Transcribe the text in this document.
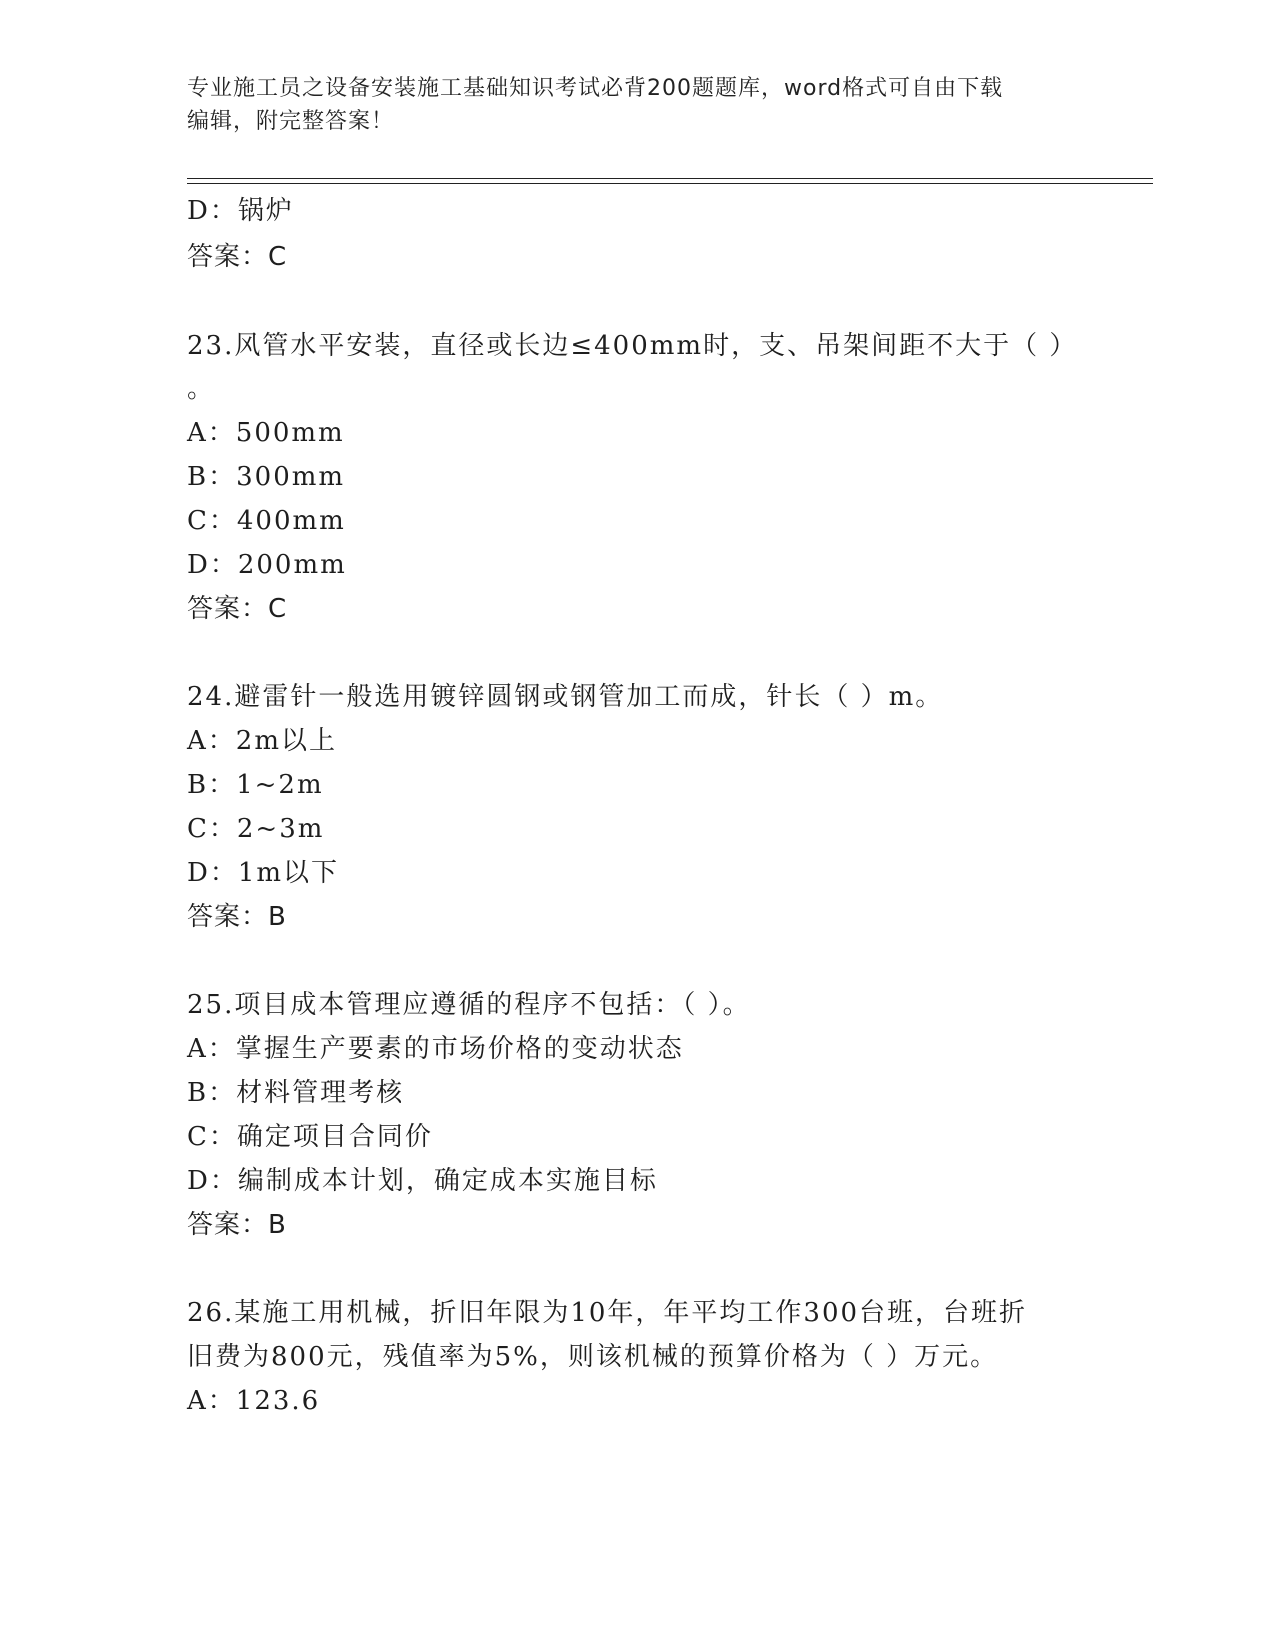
专业施工员之设备安装施工基础知识考试必背200题题库，word格式可自由下载
编辑，附完整答案！
D：锅炉
答案：C
23.风管水平安装，直径或长边≤400mm时，支、吊架间距不大于（ ）
。
A：500mm
B：300mm
C：400mm
D：200mm
答案：C
24.避雷针一般选用镀锌圆钢或钢管加工而成，针长（ ）m。
A：2m以上
B：1~2m
C：2~3m
D：1m以下
答案：B
25.项目成本管理应遵循的程序不包括：（ ）。
A：掌握生产要素的市场价格的变动状态
B：材料管理考核
C：确定项目合同价
D：编制成本计划，确定成本实施目标
答案：B
26.某施工用机械，折旧年限为10年，年平均工作300台班，台班折
旧费为800元，残值率为5%，则该机械的预算价格为（ ）万元。
A：123.6
